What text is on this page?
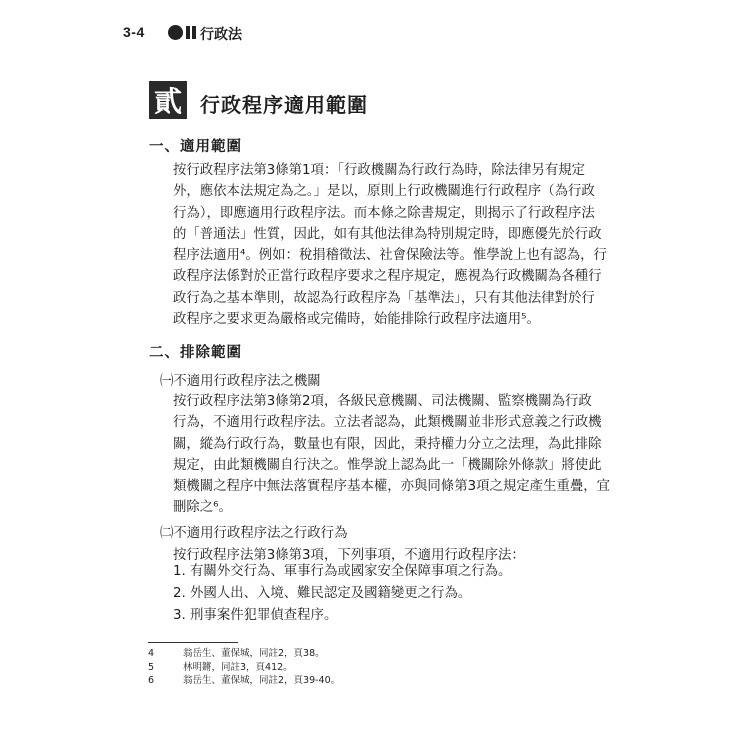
3-4	行政法
貳 行政程序適用範圍
一、適用範圍
按行政程序法第3條第1項：「行政機關為行政行為時，除法律另有規定
外，應依本法規定為之。」是以，原則上行政機關進行行政程序（為行政
行為），即應適用行政程序法。而本條之除書規定，則揭示了行政程序法
的「普通法」性質，因此，如有其他法律為特別規定時，即應優先於行政
程序法適用⁴。例如：稅捐稽徵法、社會保險法等。惟學說上也有認為，行
政程序法係對於正當行政程序要求之程序規定，應視為行政機關為各種行
政行為之基本準則，故認為行政程序為「基準法」，只有其他法律對於行
政程序之要求更為嚴格或完備時，始能排除行政程序法適用⁵。
二、排除範圍
㈠不適用行政程序法之機關
按行政程序法第3條第2項，各級民意機關、司法機關、監察機關為行政
行為，不適用行政程序法。立法者認為，此類機關並非形式意義之行政機
關，縱為行政行為，數量也有限，因此，秉持權力分立之法理，為此排除
規定，由此類機關自行決之。惟學說上認為此一「機關除外條款」將使此
類機關之程序中無法落實程序基本權，亦與同條第3項之規定產生重疊，宜
刪除之⁶。
㈡不適用行政程序法之行政行為
按行政程序法第3條第3項，下列事項，不適用行政程序法：
1. 有關外交行為、軍事行為或國家安全保障事項之行為。
2. 外國人出、入境、難民認定及國籍變更之行為。
3. 刑事案件犯罪偵查程序。
4	翁岳生、董保城，同註2，頁38。
5	林明鏘，同註3，頁412。
6	翁岳生、董保城，同註2，頁39-40。
